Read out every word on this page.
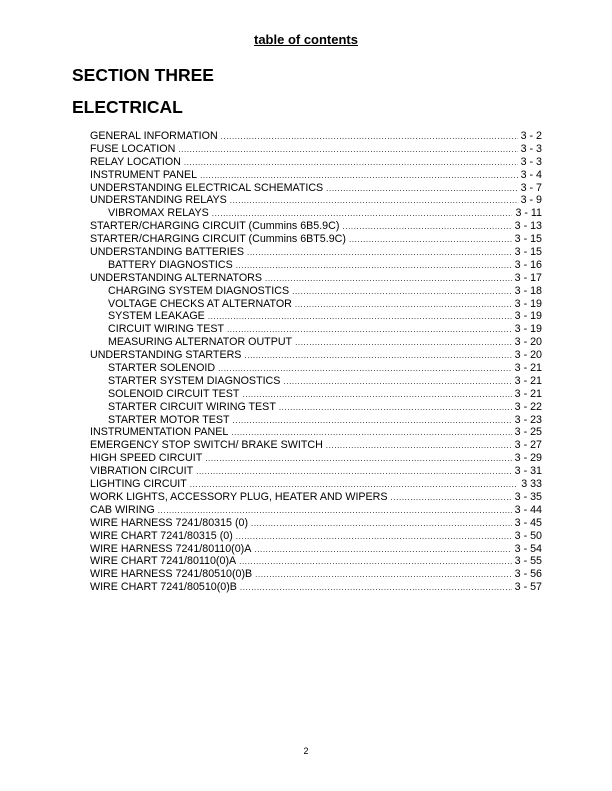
table of contents
SECTION THREE
ELECTRICAL
GENERAL INFORMATION .....	3 - 2
FUSE LOCATION .....	3 - 3
RELAY LOCATION .....	3 - 3
INSTRUMENT PANEL .....	3 - 4
UNDERSTANDING ELECTRICAL SCHEMATICS .....	3 - 7
UNDERSTANDING RELAYS .....	3 - 9
VIBROMAX RELAYS .....	3 - 11
STARTER/CHARGING CIRCUIT (Cummins 6B5.9C) .....	3 - 13
STARTER/CHARGING CIRCUIT (Cummins 6BT5.9C) .....	3 - 15
UNDERSTANDING BATTERIES .....	3 - 15
BATTERY DIAGNOSTICS .....	3 - 16
UNDERSTANDING ALTERNATORS .....	3 - 17
CHARGING SYSTEM DIAGNOSTICS .....	3 - 18
VOLTAGE CHECKS AT ALTERNATOR .....	3 - 19
SYSTEM LEAKAGE .....	3 - 19
CIRCUIT WIRING TEST .....	3 - 19
MEASURING ALTERNATOR OUTPUT .....	3 - 20
UNDERSTANDING STARTERS .....	3 - 20
STARTER SOLENOID .....	3 - 21
STARTER SYSTEM DIAGNOSTICS .....	3 - 21
SOLENOID CIRCUIT TEST .....	3 - 21
STARTER CIRCUIT WIRING TEST .....	3 - 22
STARTER MOTOR TEST .....	3 - 23
INSTRUMENTATION PANEL .....	3 - 25
EMERGENCY STOP SWITCH/ BRAKE SWITCH .....	3 - 27
HIGH SPEED CIRCUIT .....	3 - 29
VIBRATION CIRCUIT .....	3 - 31
LIGHTING CIRCUIT .....	3 33
WORK LIGHTS, ACCESSORY PLUG, HEATER AND WIPERS .....	3 - 35
CAB WIRING .....	3 - 44
WIRE HARNESS 7241/80315 (0) .....	3 - 45
WIRE CHART 7241/80315 (0) .....	3 - 50
WIRE HARNESS 7241/80110(0)A .....	3 - 54
WIRE CHART 7241/80110(0)A .....	3 - 55
WIRE HARNESS 7241/80510(0)B .....	3 - 56
WIRE CHART 7241/80510(0)B .....	3 - 57
2
